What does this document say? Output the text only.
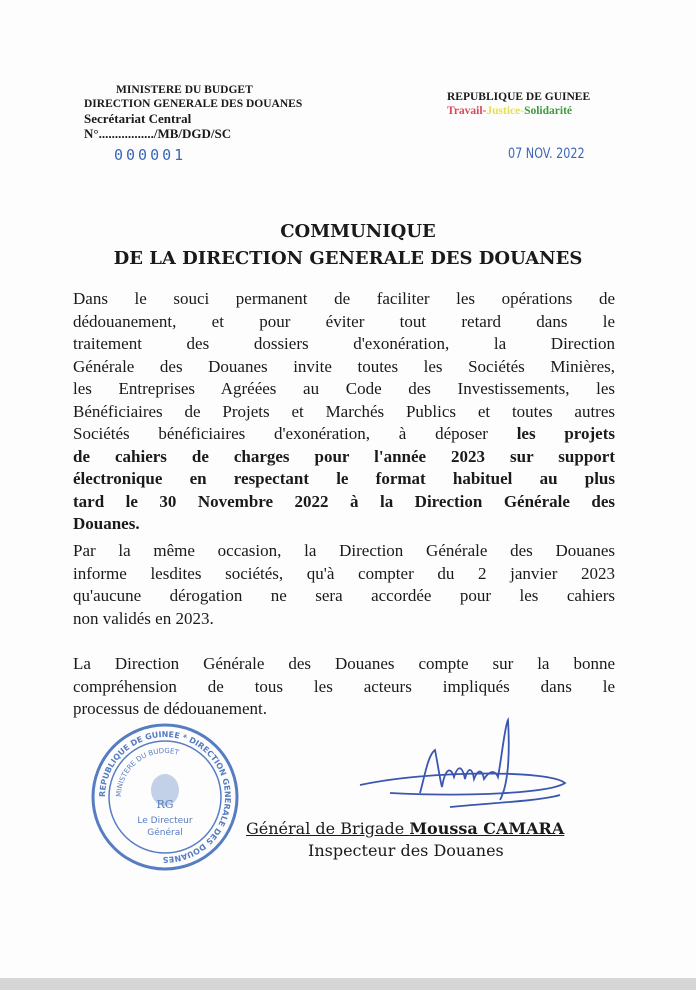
MINISTERE DU BUDGET
DIRECTION GENERALE DES DOUANES
Secrétariat Central
N°................./MB/DGD/SC
REPUBLIQUE DE GUINEE
Travail-Justice-Solidarité
000001	07 NOV. 2022
COMMUNIQUE
DE LA DIRECTION GENERALE DES DOUANES
Dans le souci permanent de faciliter les opérations de
dédouanement, et pour éviter tout retard dans le
traitement des dossiers d'exonération, la Direction
Générale des Douanes invite toutes les Sociétés Minières,
les Entreprises Agréées au Code des Investissements, les
Bénéficiaires de Projets et Marchés Publics et toutes autres
Sociétés bénéficiaires d'exonération, à déposer les projets
de cahiers de charges pour l'année 2023 sur support
électronique en respectant le format habituel au plus
tard le 30 Novembre 2022 à la Direction Générale des
Douanes.
Par la même occasion, la Direction Générale des Douanes
informe lesdites sociétés, qu'à compter du 2 janvier 2023
qu'aucune dérogation ne sera accordée pour les cahiers
non validés en 2023.
La Direction Générale des Douanes compte sur la bonne
compréhension de tous les acteurs impliqués dans le
processus de dédouanement.
REPUBLIQUE DE GUINEE * DIRECTION GENERALE DES DOUANES
MINISTERE DU BUDGET
RG
Le Directeur
Général	Général de Brigade Moussa CAMARA
Inspecteur des Douanes
